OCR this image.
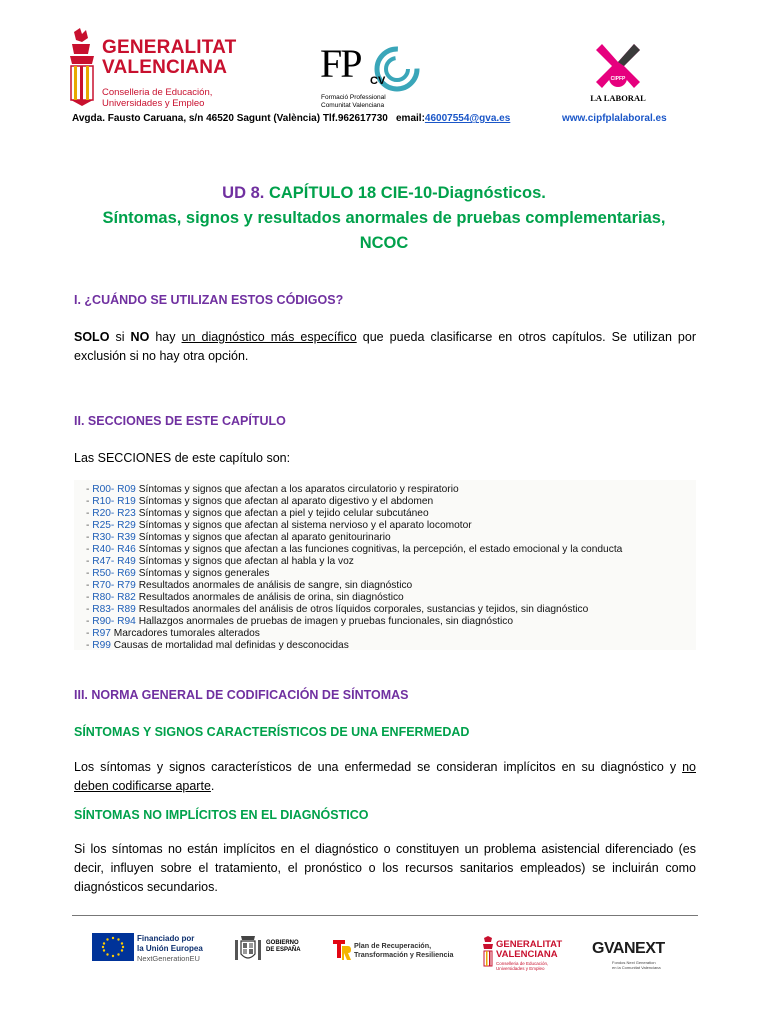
GENERALITAT
VALENCIANA
Conselleria de Educación,
Universidades y Empleo
FP CV
Formació Professional
Comunitat Valenciana
CIPFP
LA LABORAL
Avgda. Fausto Caruana, s/n 46520 Sagunt (València) Tlf.962617730 email:46007554@gva.es	www.cipfplalaboral.es
UD 8. CAPÍTULO 18 CIE-10-Diagnósticos.
Síntomas, signos y resultados anormales de pruebas complementarias,
NCOC
I. ¿CUÁNDO SE UTILIZAN ESTOS CÓDIGOS?
SOLO si NO hay un diagnóstico más específico que pueda clasificarse en otros capítulos. Se utilizan por exclusión si no hay otra opción.
II. SECCIONES DE ESTE CAPÍTULO
Las SECCIONES de este capítulo son:
- R00- R09 Síntomas y signos que afectan a los aparatos circulatorio y respiratorio
- R10- R19 Síntomas y signos que afectan al aparato digestivo y el abdomen
- R20- R23 Síntomas y signos que afectan a piel y tejido celular subcutáneo
- R25- R29 Síntomas y signos que afectan al sistema nervioso y el aparato locomotor
- R30- R39 Síntomas y signos que afectan al aparato genitourinario
- R40- R46 Síntomas y signos que afectan a las funciones cognitivas, la percepción, el estado emocional y la conducta
- R47- R49 Síntomas y signos que afectan al habla y la voz
- R50- R69 Síntomas y signos generales
- R70- R79 Resultados anormales de análisis de sangre, sin diagnóstico
- R80- R82 Resultados anormales de análisis de orina, sin diagnóstico
- R83- R89 Resultados anormales del análisis de otros líquidos corporales, sustancias y tejidos, sin diagnóstico
- R90- R94 Hallazgos anormales de pruebas de imagen y pruebas funcionales, sin diagnóstico
- R97 Marcadores tumorales alterados
- R99 Causas de mortalidad mal definidas y desconocidas
III. NORMA GENERAL DE CODIFICACIÓN DE SÍNTOMAS
SÍNTOMAS Y SIGNOS CARACTERÍSTICOS DE UNA ENFERMEDAD
Los síntomas y signos característicos de una enfermedad se consideran implícitos en su diagnóstico y no deben codificarse aparte.
SÍNTOMAS NO IMPLÍCITOS EN EL DIAGNÓSTICO
Si los síntomas no están implícitos en el diagnóstico o constituyen un problema asistencial diferenciado (es decir, influyen sobre el tratamiento, el pronóstico o los recursos sanitarios empleados) se incluirán como diagnósticos secundarios.
Financiado por
la Unión Europea
NextGenerationEU
GOBIERNO
DE ESPAÑA	Plan de Recuperación,
Transformación y Resiliencia
GENERALITAT
VALENCIANA
Conselleria de Educación,
Universidades y Empleo
GVANEXT
Fondos Next Generation
en la Comunitat Valenciana
